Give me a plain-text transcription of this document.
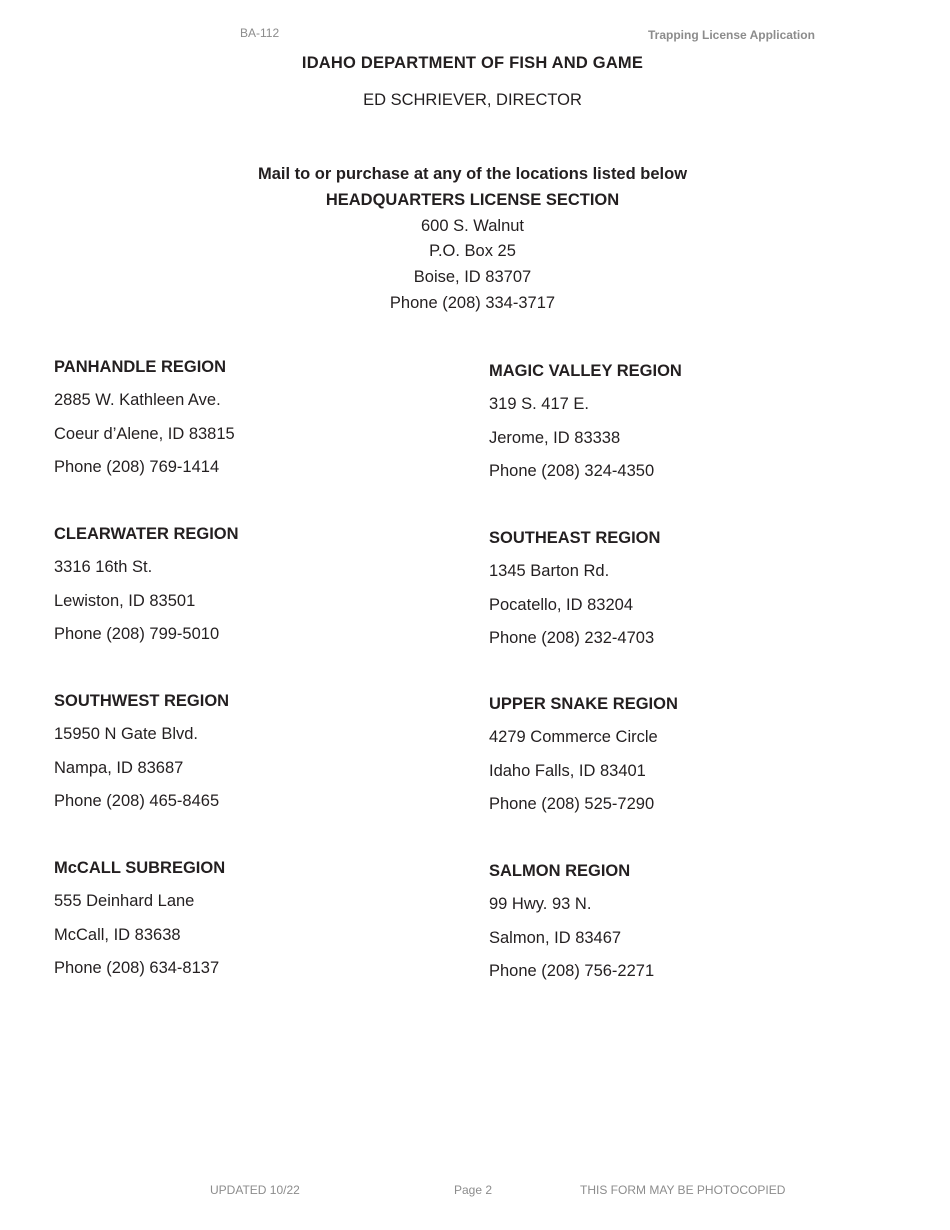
BA-112	Trapping License Application
IDAHO DEPARTMENT OF FISH AND GAME
ED SCHRIEVER, DIRECTOR
Mail to or purchase at any of the locations listed below
HEADQUARTERS LICENSE SECTION
600 S. Walnut
P.O. Box 25
Boise, ID 83707
Phone (208) 334-3717
PANHANDLE REGION
2885 W. Kathleen Ave.
Coeur d’Alene, ID 83815
Phone (208) 769-1414
CLEARWATER REGION
3316 16th St.
Lewiston, ID 83501
Phone (208) 799-5010
SOUTHWEST REGION
15950 N Gate Blvd.
Nampa, ID 83687
Phone (208) 465-8465
McCALL SUBREGION
555 Deinhard Lane
McCall, ID 83638
Phone (208) 634-8137
MAGIC VALLEY REGION
319 S. 417 E.
Jerome, ID 83338
Phone (208) 324-4350
SOUTHEAST REGION
1345 Barton Rd.
Pocatello, ID 83204
Phone (208) 232-4703
UPPER SNAKE REGION
4279 Commerce Circle
Idaho Falls, ID 83401
Phone (208) 525-7290
SALMON REGION
99 Hwy. 93 N.
Salmon, ID 83467
Phone (208) 756-2271
UPDATED 10/22	Page 2	THIS FORM MAY BE PHOTOCOPIED
